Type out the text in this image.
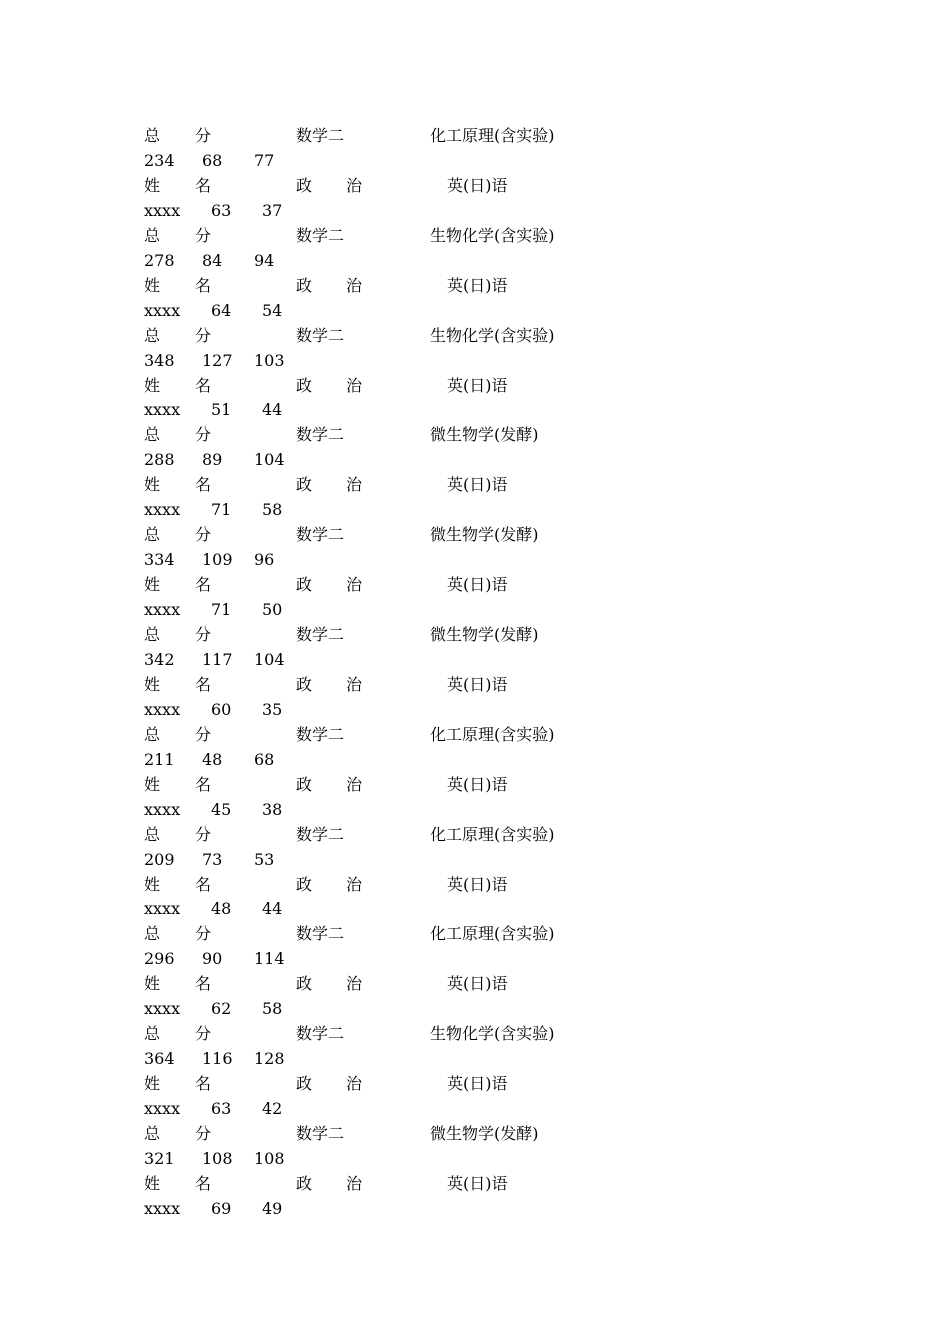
总 分	数学二	化工原理(含实验)
234 68 77
姓 名	政 治	英(日)语
xxxx 63 37
总 分	数学二	生物化学(含实验)
278 84 94
姓 名	政 治	英(日)语
xxxx 64 54
总 分	数学二	生物化学(含实验)
348 127 103
姓 名	政 治	英(日)语
xxxx 51 44
总 分	数学二	微生物学(发酵)
288 89 104
姓 名	政 治	英(日)语
xxxx 71 58
总 分	数学二	微生物学(发酵)
334 109 96
姓 名	政 治	英(日)语
xxxx 71 50
总 分	数学二	微生物学(发酵)
342 117 104
姓 名	政 治	英(日)语
xxxx 60 35
总 分	数学二	化工原理(含实验)
211 48 68
姓 名	政 治	英(日)语
xxxx 45 38
总 分	数学二	化工原理(含实验)
209 73 53
姓 名	政 治	英(日)语
xxxx 48 44
总 分	数学二	化工原理(含实验)
296 90 114
姓 名	政 治	英(日)语
xxxx 62 58
总 分	数学二	生物化学(含实验)
364 116 128
姓 名	政 治	英(日)语
xxxx 63 42
总 分	数学二	微生物学(发酵)
321 108 108
姓 名	政 治	英(日)语
xxxx 69 49
